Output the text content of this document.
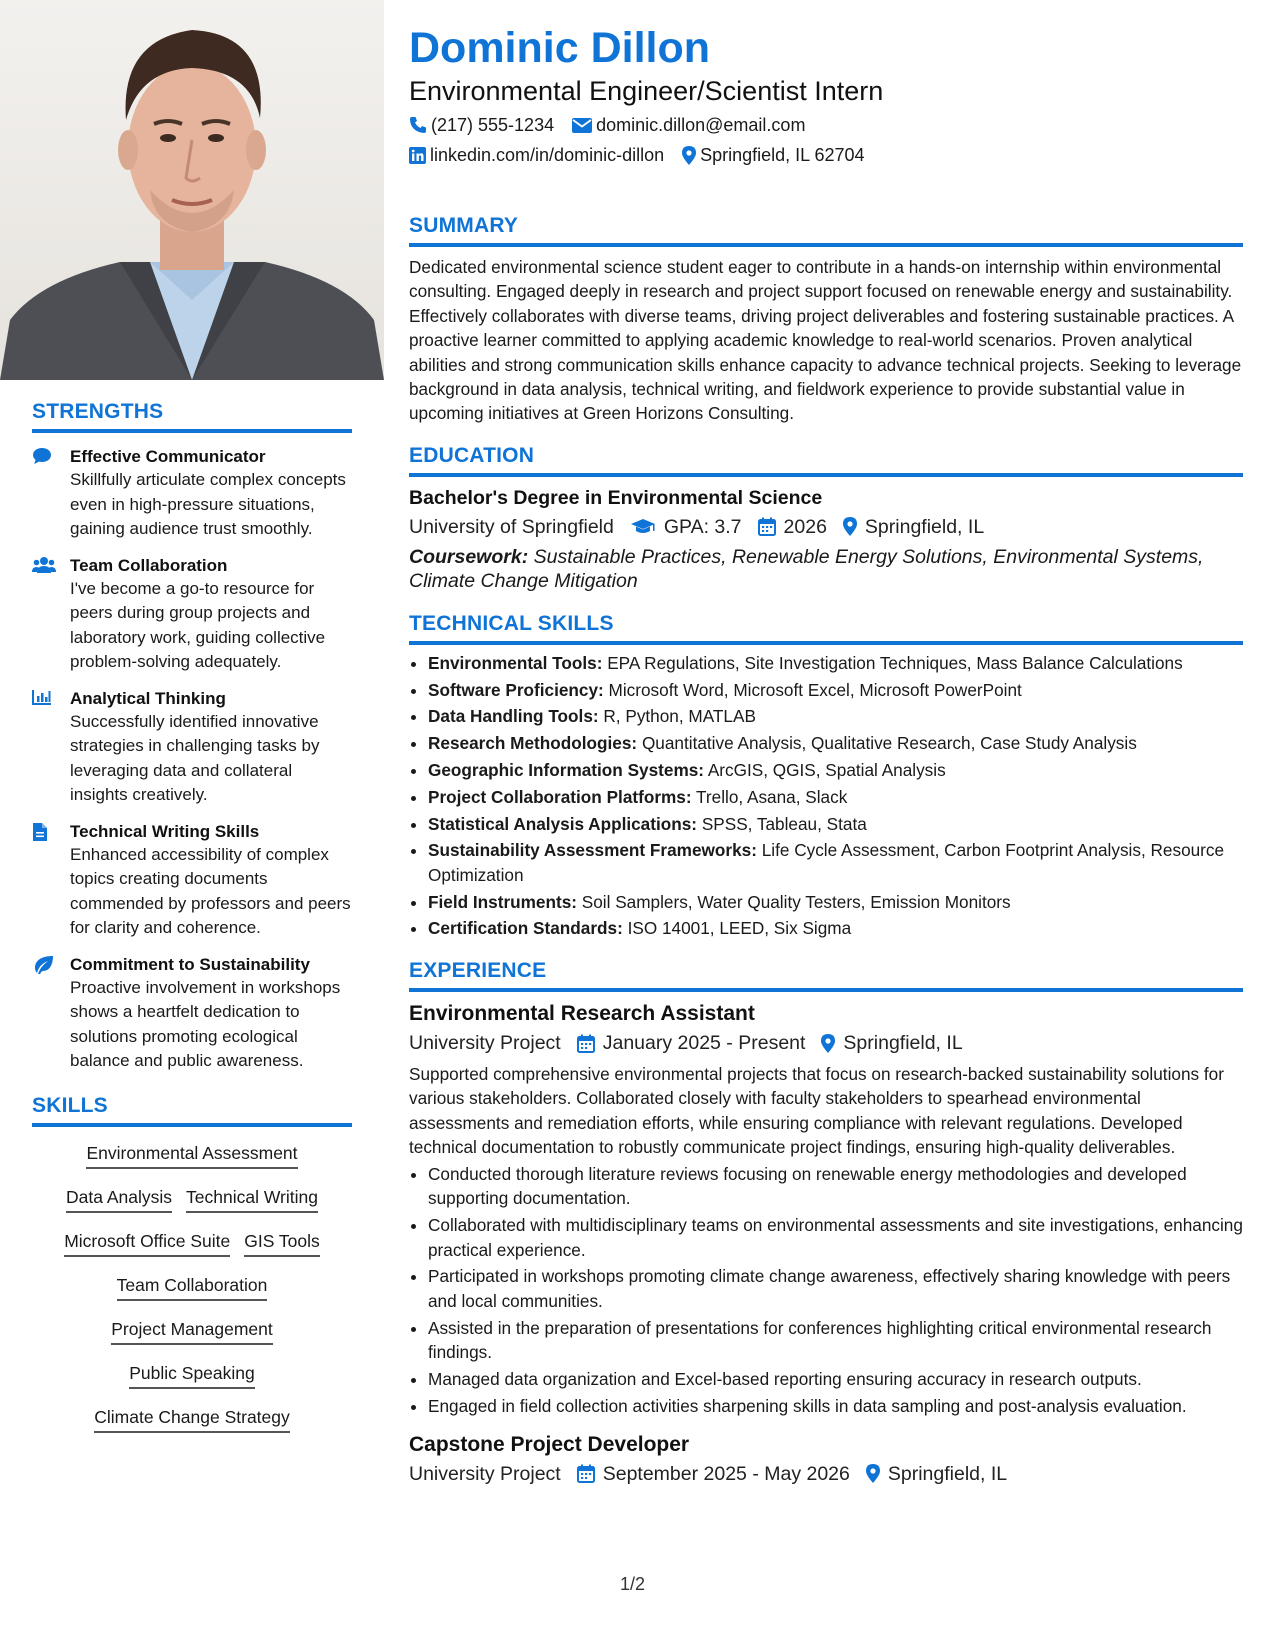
STRENGTHS
Effective Communicator
Skillfully articulate complex concepts even in high-pressure situations, gaining audience trust smoothly.
Team Collaboration
I've become a go-to resource for peers during group projects and laboratory work, guiding collective problem-solving adequately.
Analytical Thinking
Successfully identified innovative strategies in challenging tasks by leveraging data and collateral insights creatively.
Technical Writing Skills
Enhanced accessibility of complex topics creating documents commended by professors and peers for clarity and coherence.
Commitment to Sustainability
Proactive involvement in workshops shows a heartfelt dedication to solutions promoting ecological balance and public awareness.
SKILLS
Environmental Assessment
Data Analysis Technical Writing
Microsoft Office Suite GIS Tools
Team Collaboration
Project Management
Public Speaking
Climate Change Strategy
Dominic Dillon
Environmental Engineer/Scientist Intern
(217) 555-1234 dominic.dillon@email.com
linkedin.com/in/dominic-dillon Springfield, IL 62704
SUMMARY
Dedicated environmental science student eager to contribute in a hands-on internship within environmental consulting. Engaged deeply in research and project support focused on renewable energy and sustainability. Effectively collaborates with diverse teams, driving project deliverables and fostering sustainable practices. A proactive learner committed to applying academic knowledge to real-world scenarios. Proven analytical abilities and strong communication skills enhance capacity to advance technical projects. Seeking to leverage background in data analysis, technical writing, and fieldwork experience to provide substantial value in upcoming initiatives at Green Horizons Consulting.
EDUCATION
Bachelor's Degree in Environmental Science
University of Springfield	GPA: 3.7 2026 Springfield, IL
Coursework: Sustainable Practices, Renewable Energy Solutions, Environmental Systems, Climate Change Mitigation
TECHNICAL SKILLS
• Environmental Tools: EPA Regulations, Site Investigation Techniques, Mass Balance Calculations
• Software Proficiency: Microsoft Word, Microsoft Excel, Microsoft PowerPoint
• Data Handling Tools: R, Python, MATLAB
• Research Methodologies: Quantitative Analysis, Qualitative Research, Case Study Analysis
• Geographic Information Systems: ArcGIS, QGIS, Spatial Analysis
• Project Collaboration Platforms: Trello, Asana, Slack
• Statistical Analysis Applications: SPSS, Tableau, Stata
• Sustainability Assessment Frameworks: Life Cycle Assessment, Carbon Footprint Analysis, Resource Optimization
• Field Instruments: Soil Samplers, Water Quality Testers, Emission Monitors
• Certification Standards: ISO 14001, LEED, Six Sigma
EXPERIENCE
Environmental Research Assistant
University Project January 2025 - Present Springfield, IL
Supported comprehensive environmental projects that focus on research-backed sustainability solutions for various stakeholders. Collaborated closely with faculty stakeholders to spearhead environmental assessments and remediation efforts, while ensuring compliance with relevant regulations. Developed technical documentation to robustly communicate project findings, ensuring high-quality deliverables.
• Conducted thorough literature reviews focusing on renewable energy methodologies and developed supporting documentation.
• Collaborated with multidisciplinary teams on environmental assessments and site investigations, enhancing practical experience.
• Participated in workshops promoting climate change awareness, effectively sharing knowledge with peers and local communities.
• Assisted in the preparation of presentations for conferences highlighting critical environmental research findings.
• Managed data organization and Excel-based reporting ensuring accuracy in research outputs.
• Engaged in field collection activities sharpening skills in data sampling and post-analysis evaluation.
Capstone Project Developer
University Project September 2025 - May 2026 Springfield, IL
1/2
